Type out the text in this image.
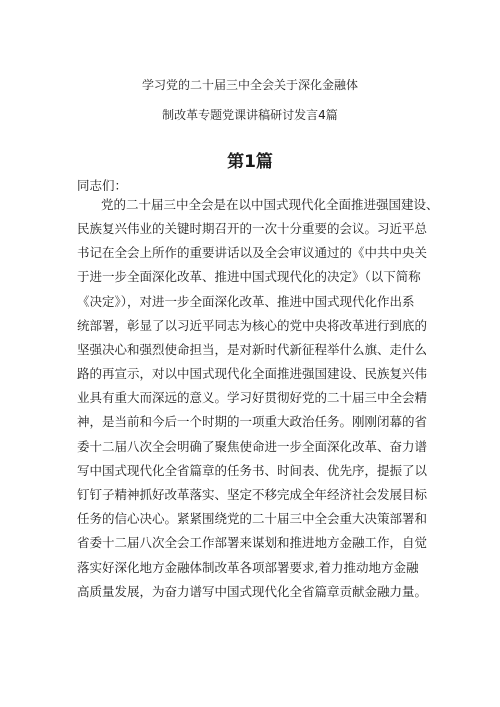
学习党的二十届三中全会关于深化金融体
制改革专题党课讲稿研讨发言4篇
第1篇
同志们：
党的二十届三中全会是在以中国式现代化全面推进强国建设、
民族复兴伟业的关键时期召开的一次十分重要的会议。习近平总
书记在全会上所作的重要讲话以及全会审议通过的《中共中央关
于进一步全面深化改革、推进中国式现代化的决定》（以下简称
《决定》），对进一步全面深化改革、推进中国式现代化作出系
统部署，彰显了以习近平同志为核心的党中央将改革进行到底的
坚强决心和强烈使命担当，是对新时代新征程举什么旗、走什么
路的再宣示，对以中国式现代化全面推进强国建设、民族复兴伟
业具有重大而深远的意义。学习好贯彻好党的二十届三中全会精
神，是当前和今后一个时期的一项重大政治任务。刚刚闭幕的省
委十二届八次全会明确了聚焦使命进一步全面深化改革、奋力谱
写中国式现代化全省篇章的任务书、时间表、优先序，提振了以
钉钉子精神抓好改革落实、坚定不移完成全年经济社会发展目标
任务的信心决心。紧紧围绕党的二十届三中全会重大决策部署和
省委十二届八次全会工作部署来谋划和推进地方金融工作，自觉
落实好深化地方金融体制改革各项部署要求,着力推动地方金融
高质量发展，为奋力谱写中国式现代化全省篇章贡献金融力量。
